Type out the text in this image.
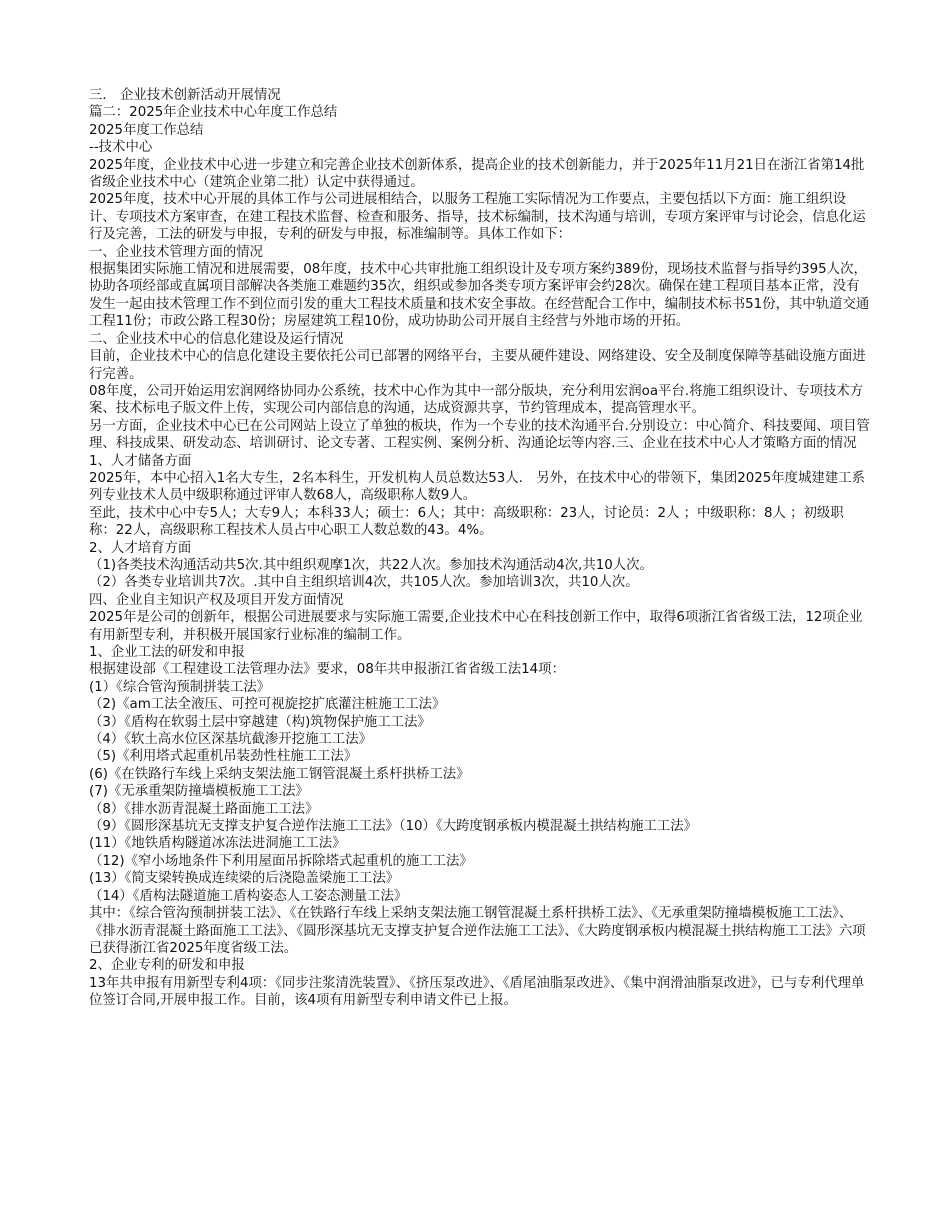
三． 企业技术创新活动开展情况

篇二：2025年企业技术中心年度工作总结

2025年度工作总结

--技术中心

2025年度，企业技术中心进一步建立和完善企业技术创新体系，提高企业的技术创新能力，并于2025年11月21日在浙江省第14批省级企业技术中心（建筑企业第二批）认定中获得通过。

2025年度，技术中心开展的具体工作与公司进展相结合，以服务工程施工实际情况为工作要点，主要包括以下方面：施工组织设计、专项技术方案审查，在建工程技术监督、检查和服务、指导，技术标编制，技术沟通与培训，专项方案评审与讨论会，信息化运行及完善，工法的研发与申报，专利的研发与申报，标准编制等。具体工作如下：

一、企业技术管理方面的情况

根据集团实际施工情况和进展需要，08年度，技术中心共审批施工组织设计及专项方案约389份，现场技术监督与指导约395人次，协助各项经部或直属项目部解决各类施工难题约35次，组织或参加各类专项方案评审会约28次。确保在建工程项目基本正常，没有发生一起由技术管理工作不到位而引发的重大工程技术质量和技术安全事故。在经营配合工作中，编制技术标书51份，其中轨道交通工程11份；市政公路工程30份；房屋建筑工程10份，成功协助公司开展自主经营与外地市场的开拓。

二、企业技术中心的信息化建设及运行情况

目前，企业技术中心的信息化建设主要依托公司已部署的网络平台，主要从硬件建设、网络建设、安全及制度保障等基础设施方面进行完善。

08年度，公司开始运用宏润网络协同办公系统，技术中心作为其中一部分版块，充分利用宏润oa平台.将施工组织设计、专项技术方案、技术标电子版文件上传，实现公司内部信息的沟通，达成资源共享，节约管理成本，提高管理水平。

另一方面，企业技术中心已在公司网站上设立了单独的板块，作为一个专业的技术沟通平台.分别设立：中心简介、科技要闻、项目管理、科技成果、研发动态、培训研讨、论文专著、工程实例、案例分析、沟通论坛等内容.三、企业在技术中心人才策略方面的情况

1、人才储备方面

2025年，本中心招入1名大专生，2名本科生，开发机构人员总数达53人． 另外，在技术中心的带领下，集团2025年度城建建工系列专业技术人员中级职称通过评审人数68人，高级职称人数9人。

至此，技术中心中专5人；大专9人；本科33人；硕士：6人；其中：高级职称：23人，讨论员：2人 ；中级职称：8人 ；初级职称：22人，高级职称工程技术人员占中心职工人数总数的43。4%。

2、人才培育方面

（1)各类技术沟通活动共5次.其中组织观摩1次，共22人次。参加技术沟通活动4次,共10人次。

（2）各类专业培训共7次。.其中自主组织培训4次，共105人次。参加培训3次，共10人次。

四、企业自主知识产权及项目开发方面情况

2025年是公司的创新年，根据公司进展要求与实际施工需要,企业技术中心在科技创新工作中，取得6项浙江省省级工法，12项企业有用新型专利，并积极开展国家行业标准的编制工作。

1、企业工法的研发和申报

根据建设部《工程建设工法管理办法》要求，08年共申报浙江省省级工法14项：

(1）《综合管沟预制拼装工法》

（2)《am工法全液压、可控可视旋挖扩底灌注桩施工工法》

（3）《盾构在软弱土层中穿越建（构)筑物保护施工工法》

（4）《软土高水位区深基坑截渗开挖施工工法》

（5)《利用塔式起重机吊装劲性柱施工工法》

(6)《在铁路行车线上采纳支架法施工钢管混凝土系杆拱桥工法》

(7)《无承重架防撞墙模板施工工法》

（8）《排水沥青混凝土路面施工工法》

（9）《圆形深基坑无支撑支护复合逆作法施工工法》（10）《大跨度钢承板内模混凝土拱结构施工工法》

(11）《地铁盾构隧道冰冻法进洞施工工法》

（12)《窄小场地条件下利用屋面吊拆除塔式起重机的施工工法》

(13）《简支梁转换成连续梁的后浇隐盖梁施工工法》

（14）《盾构法隧道施工盾构姿态人工姿态测量工法》

其中：《综合管沟预制拼装工法》、《在铁路行车线上采纳支架法施工钢管混凝土系杆拱桥工法》、《无承重架防撞墙模板施工工法》、《排水沥青混凝土路面施工工法》、《圆形深基坑无支撑支护复合逆作法施工工法》、《大跨度钢承板内模混凝土拱结构施工工法》六项已获得浙江省2025年度省级工法。

2、企业专利的研发和申报

13年共申报有用新型专利4项：《同步注浆清洗装置》、《挤压泵改进》、《盾尾油脂泵改进》、《集中润滑油脂泵改进》，已与专利代理单位签订合同,开展申报工作。目前，该4项有用新型专利申请文件已上报。
